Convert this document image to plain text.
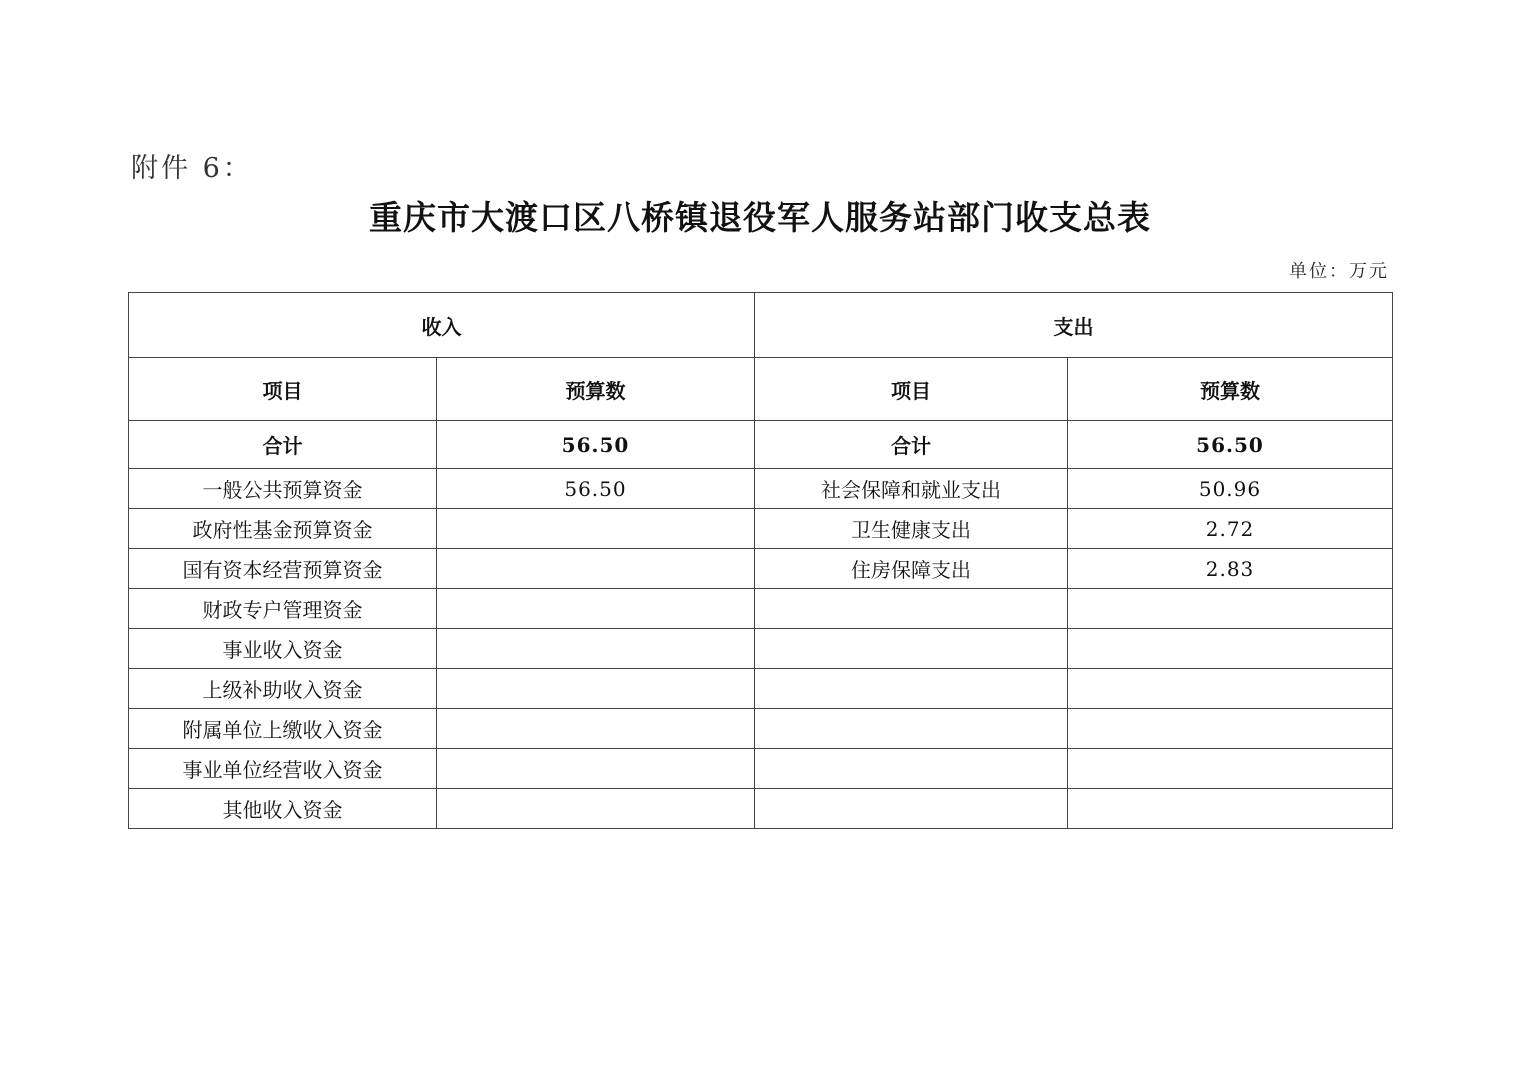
附件 6：
重庆市大渡口区八桥镇退役军人服务站部门收支总表
单位：万元
收入		支出	
项目	预算数	项目	预算数
合计	56.50	合计	56.50
一般公共预算资金	56.50	社会保障和就业支出	50.96
政府性基金预算资金		卫生健康支出	2.72
国有资本经营预算资金		住房保障支出	2.83
财政专户管理资金			
事业收入资金			
上级补助收入资金			
附属单位上缴收入资金			
事业单位经营收入资金			
其他收入资金			
